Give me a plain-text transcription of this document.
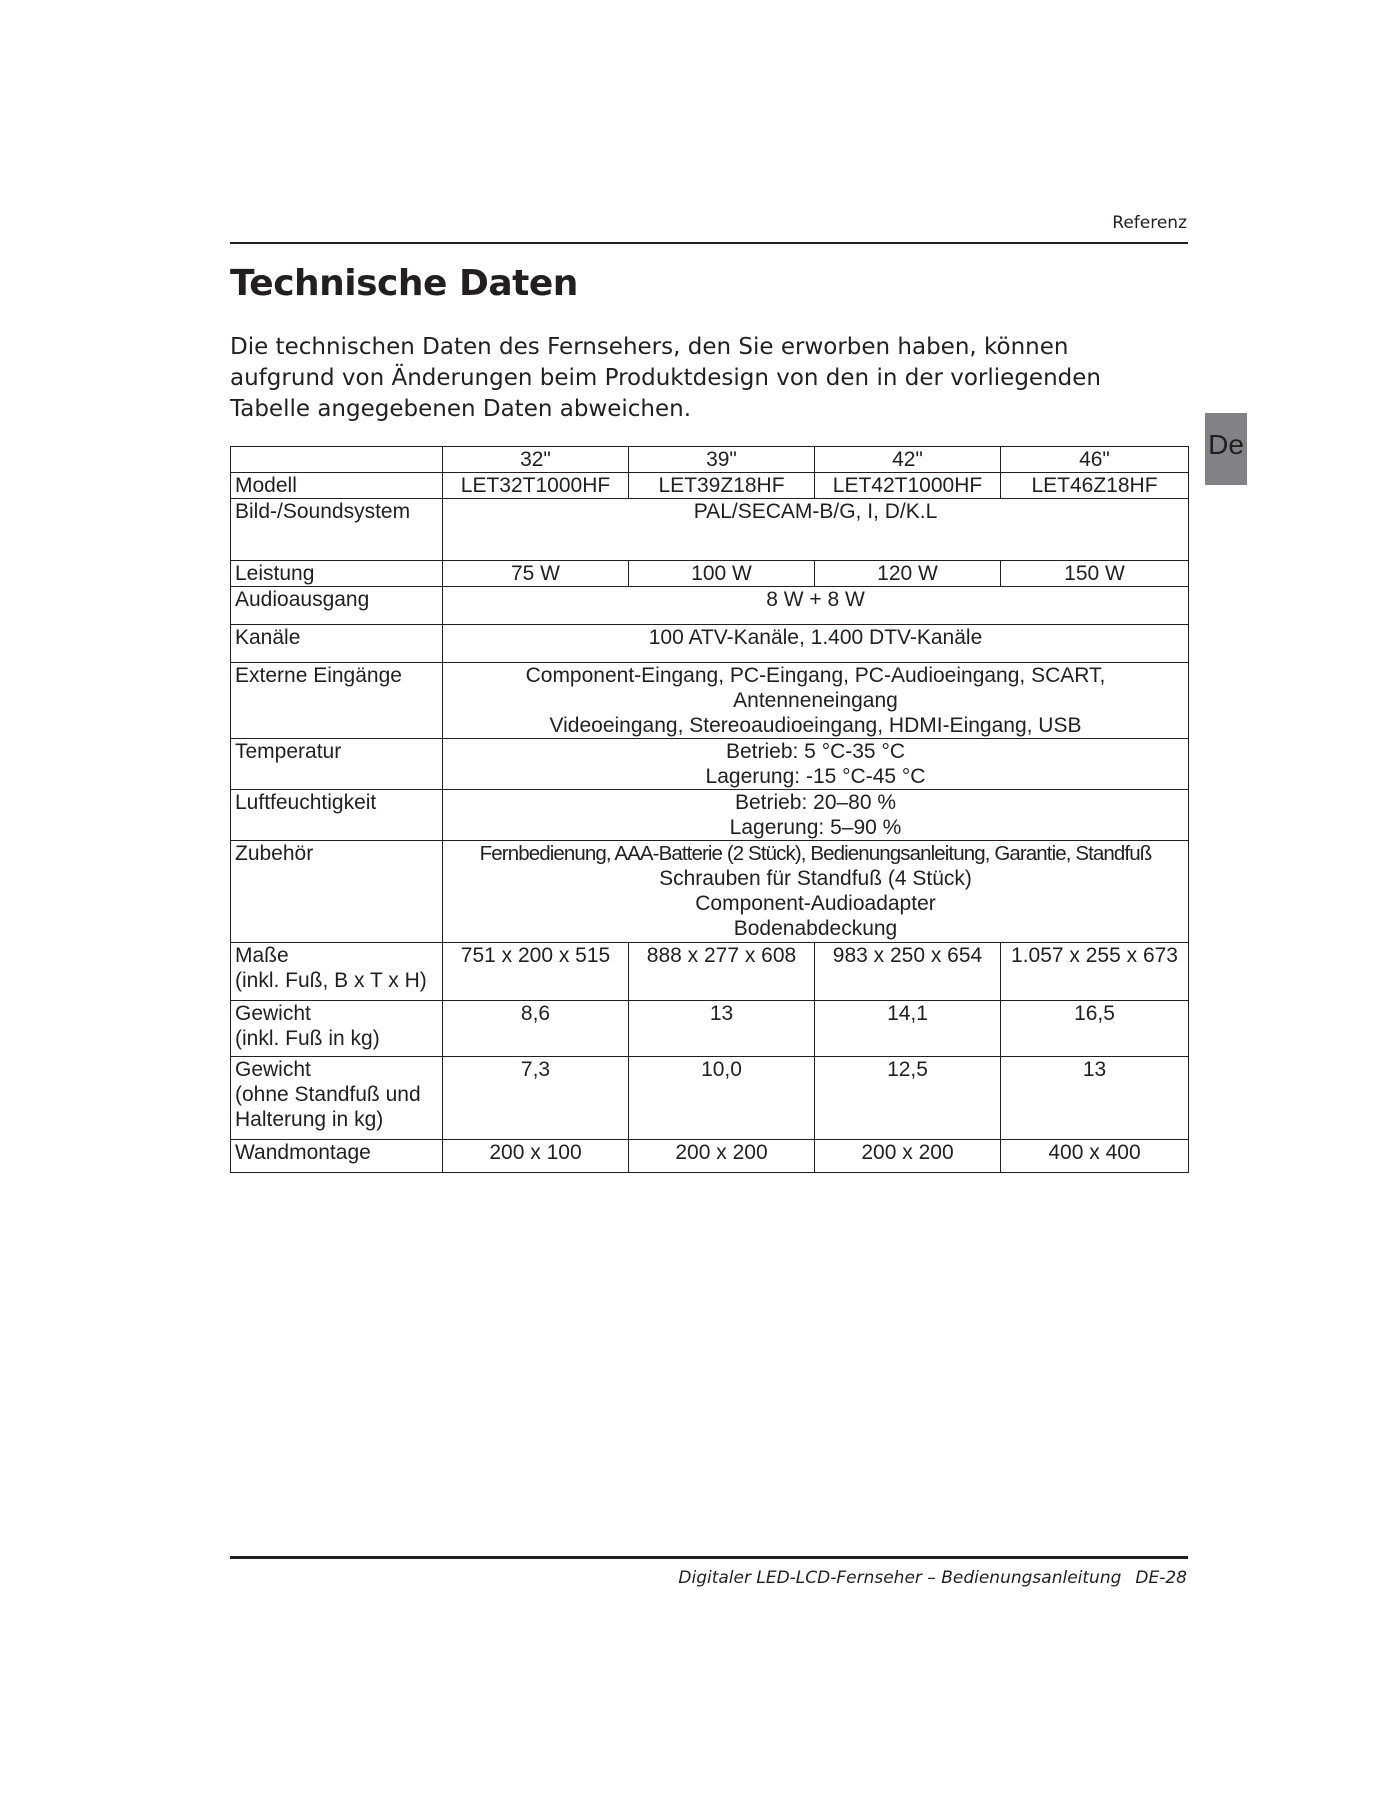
Referenz
Technische Daten

Die technischen Daten des Fernsehers, den Sie erworben haben, können aufgrund von Änderungen beim Produktdesign von den in der vorliegenden Tabelle angegebenen Daten abweichen.

De
	32"	39"	42"	46"
Modell	LET32T1000HF	LET39Z18HF	LET42T1000HF	LET46Z18HF
Bild-/Soundsystem	PAL/SECAM-B/G, I, D/K.L			
Leistung	75 W	100 W	120 W	150 W
Audioausgang	8 W + 8 W			
Kanäle	100 ATV-Kanäle, 1.400 DTV-Kanäle			
Externe Eingänge	Component-Eingang, PC-Eingang, PC-Audioeingang, SCART,
Antenneneingang
Videoeingang, Stereoaudioeingang, HDMI-Eingang, USB			

Temperatur	Betrieb: 5 °C-35 °C
Lagerung: -15 °C-45 °C			

Luftfeuchtigkeit	Betrieb: 20–80 %
Lagerung: 5–90 %			

Zubehör	Fernbedienung, AAA-Batterie (2 Stück), Bedienungsanleitung, Garantie, Standfuß
Schrauben für Standfuß (4 Stück)
Component-Audioadapter
Bodenabdeckung			

Maße
(inkl. Fuß, B x T x H)	751 x 200 x 515	888 x 277 x 608	983 x 250 x 654	1.057 x 255 x 673

Gewicht
(inkl. Fuß in kg)	8,6	13	14,1	16,5

Gewicht
(ohne Standfuß und
Halterung in kg)	7,3	10,0	12,5	13
Wandmontage	200 x 100	200 x 200	200 x 200	400 x 400
Digitaler LED-LCD-Fernseher – Bedienungsanleitung DE-28
